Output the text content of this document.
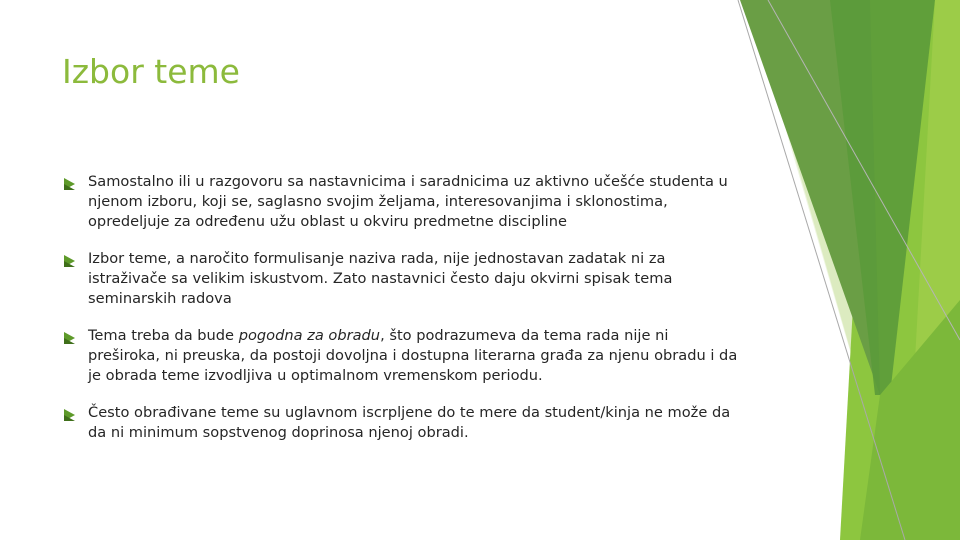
Izbor teme
Samostalno ili u razgovoru sa nastavnicima i saradnicima uz aktivno učešće studenta u njenom izboru, koji se, saglasno svojim željama, interesovanjima i sklonostima, opredeljuje za određenu užu oblast u okviru predmetne discipline
Izbor teme, a naročito formulisanje naziva rada, nije jednostavan zadatak ni za istraživače sa velikim iskustvom. Zato nastavnici često daju okvirni spisak tema seminarskih radova
Tema treba da bude pogodna za obradu, što podrazumeva da tema rada nije ni preširoka, ni preuska, da postoji dovoljna i dostupna literarna građa za njenu obradu i da je obrada teme izvodljiva u optimalnom vremenskom periodu.
Često obrađivane teme su uglavnom iscrpljene do te mere da student/kinja ne može da da ni minimum sopstvenog doprinosa njenoj obradi.
